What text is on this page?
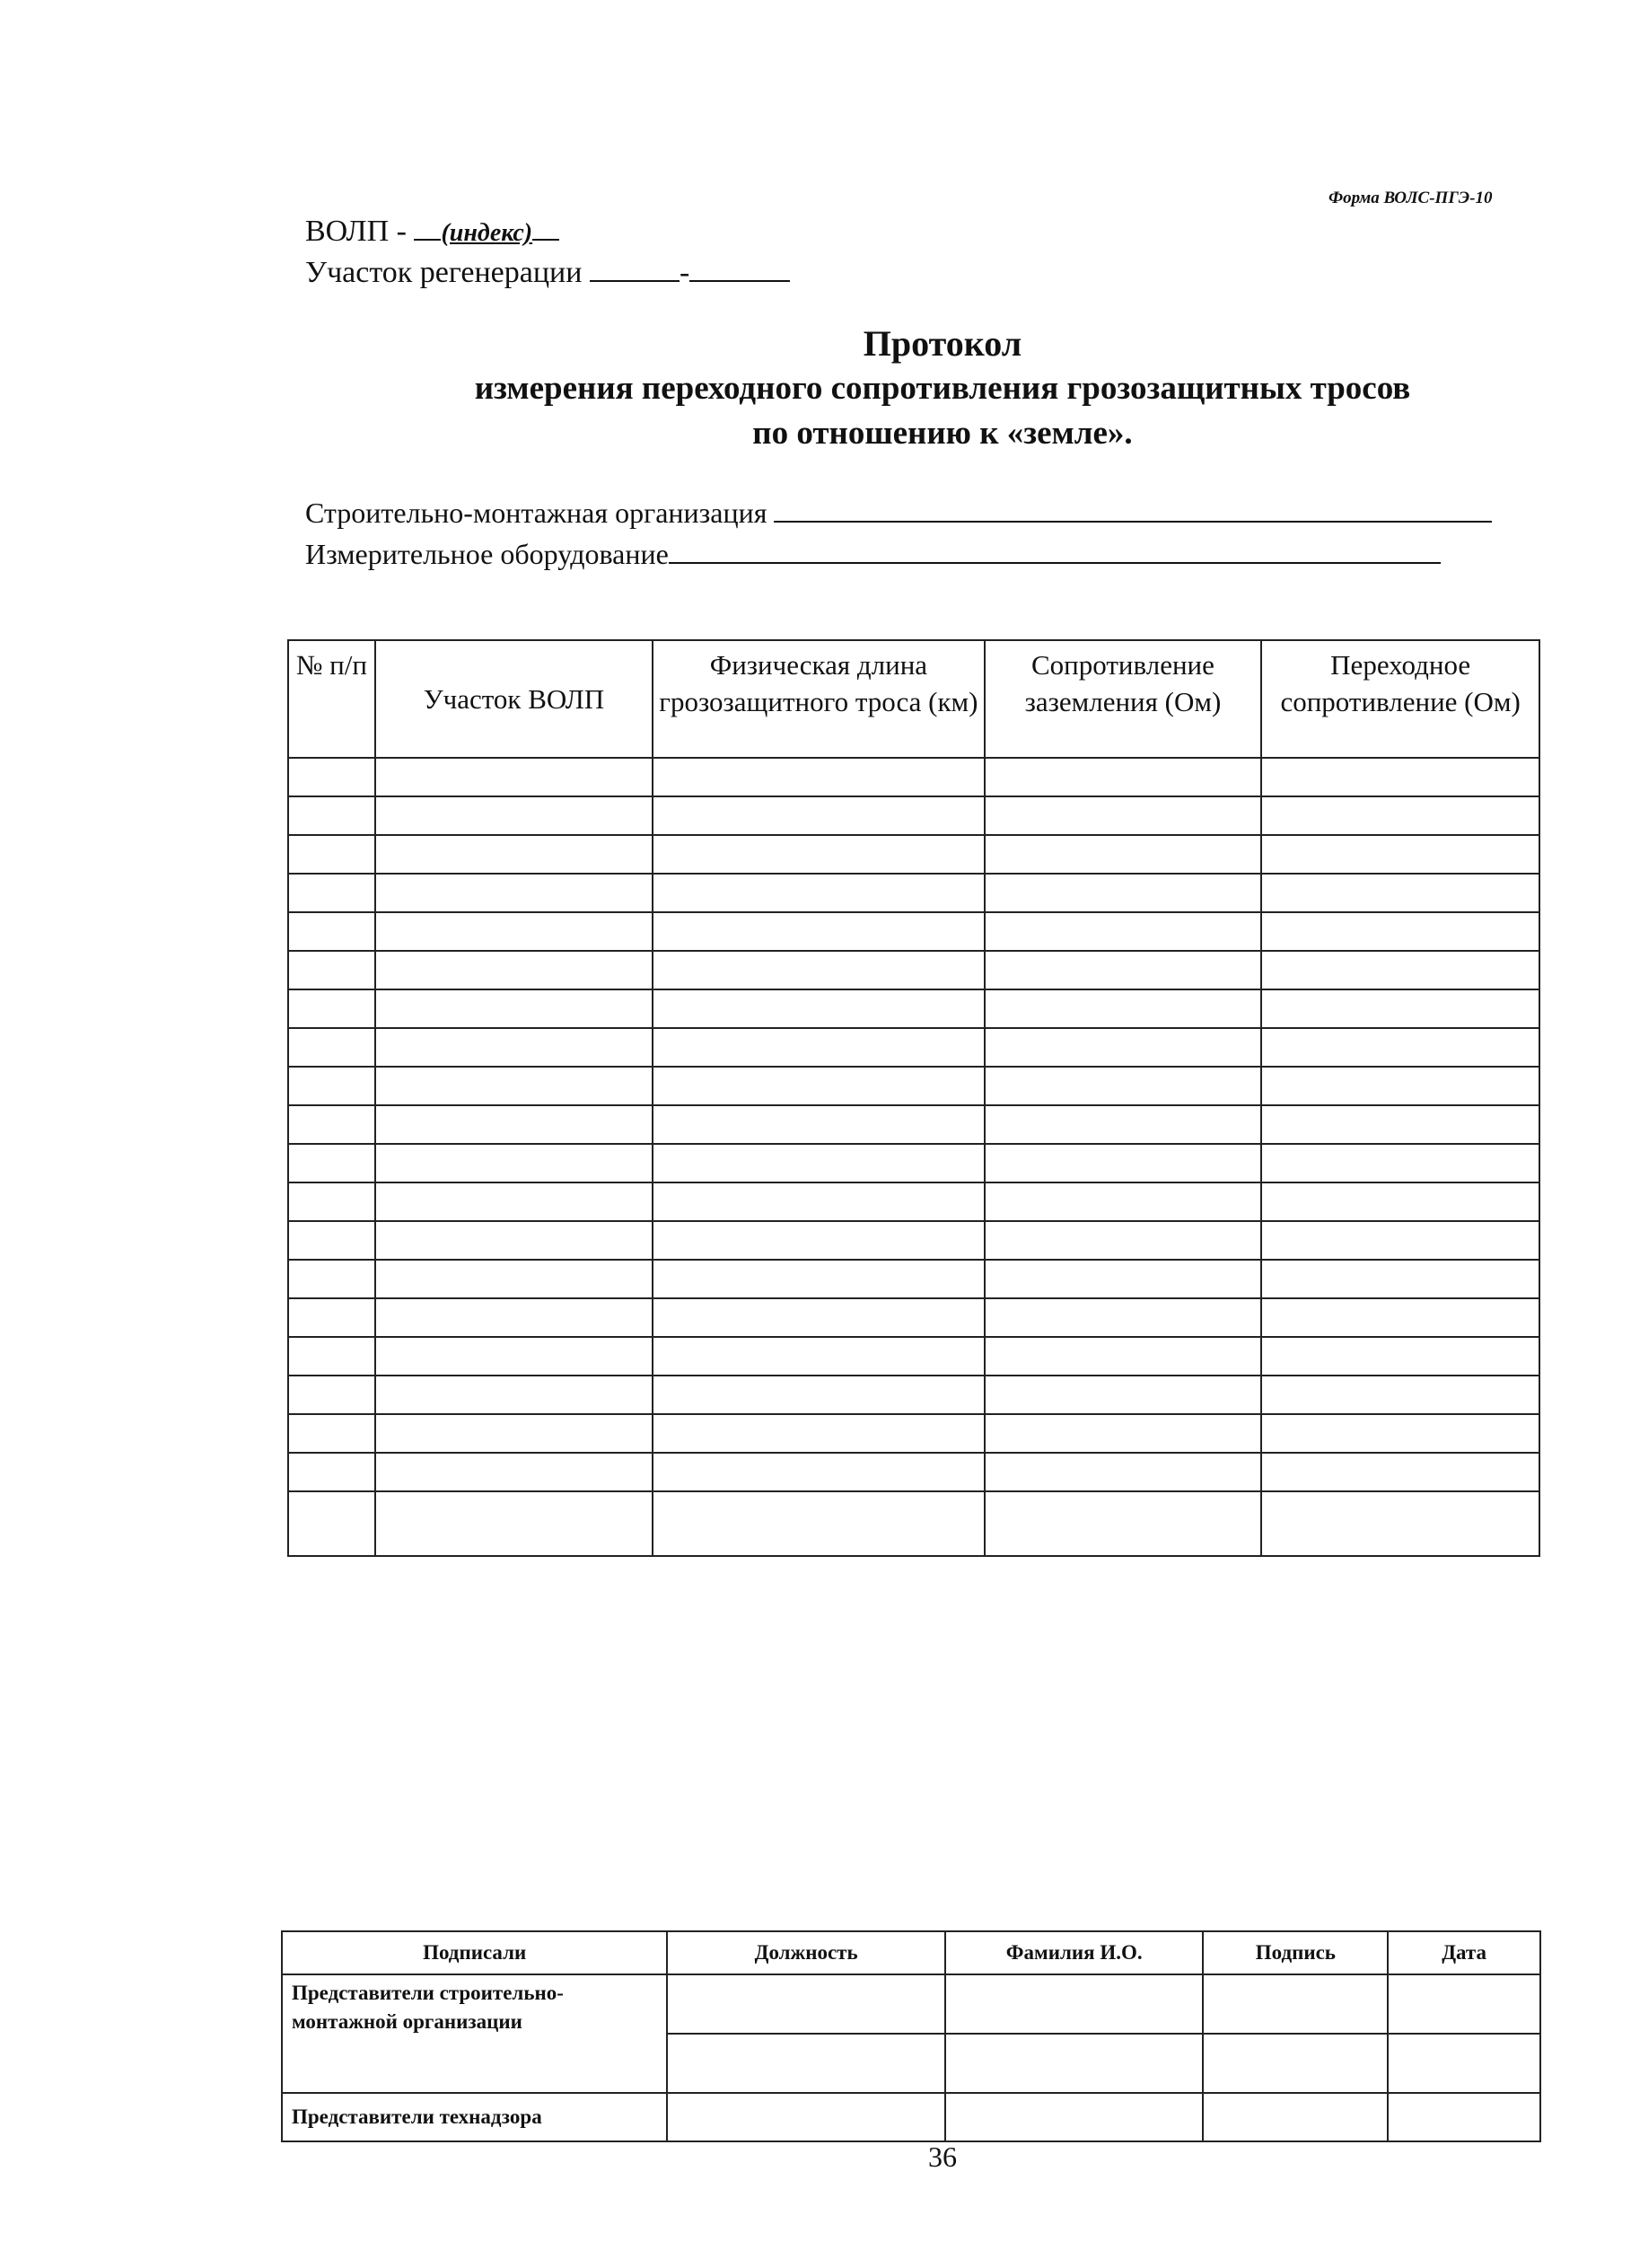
Форма ВОЛС-ПГЭ-10
ВОЛП - (индекс)
Участок регенерации	-
Протокол
измерения переходного сопротивления грозозащитных тросов
по отношению к «земле».
Строительно-монтажная организация
Измерительное оборудование
№ п/п	Участок ВОЛП	Физическая длина грозозащитного троса (км)	Сопротивление заземления (Ом)	Переходное сопротивление (Ом)

Подписали	Должность	Фамилия И.О.	Подпись	Дата
Представители строительно-монтажной организации				

Представители технадзора				
36
